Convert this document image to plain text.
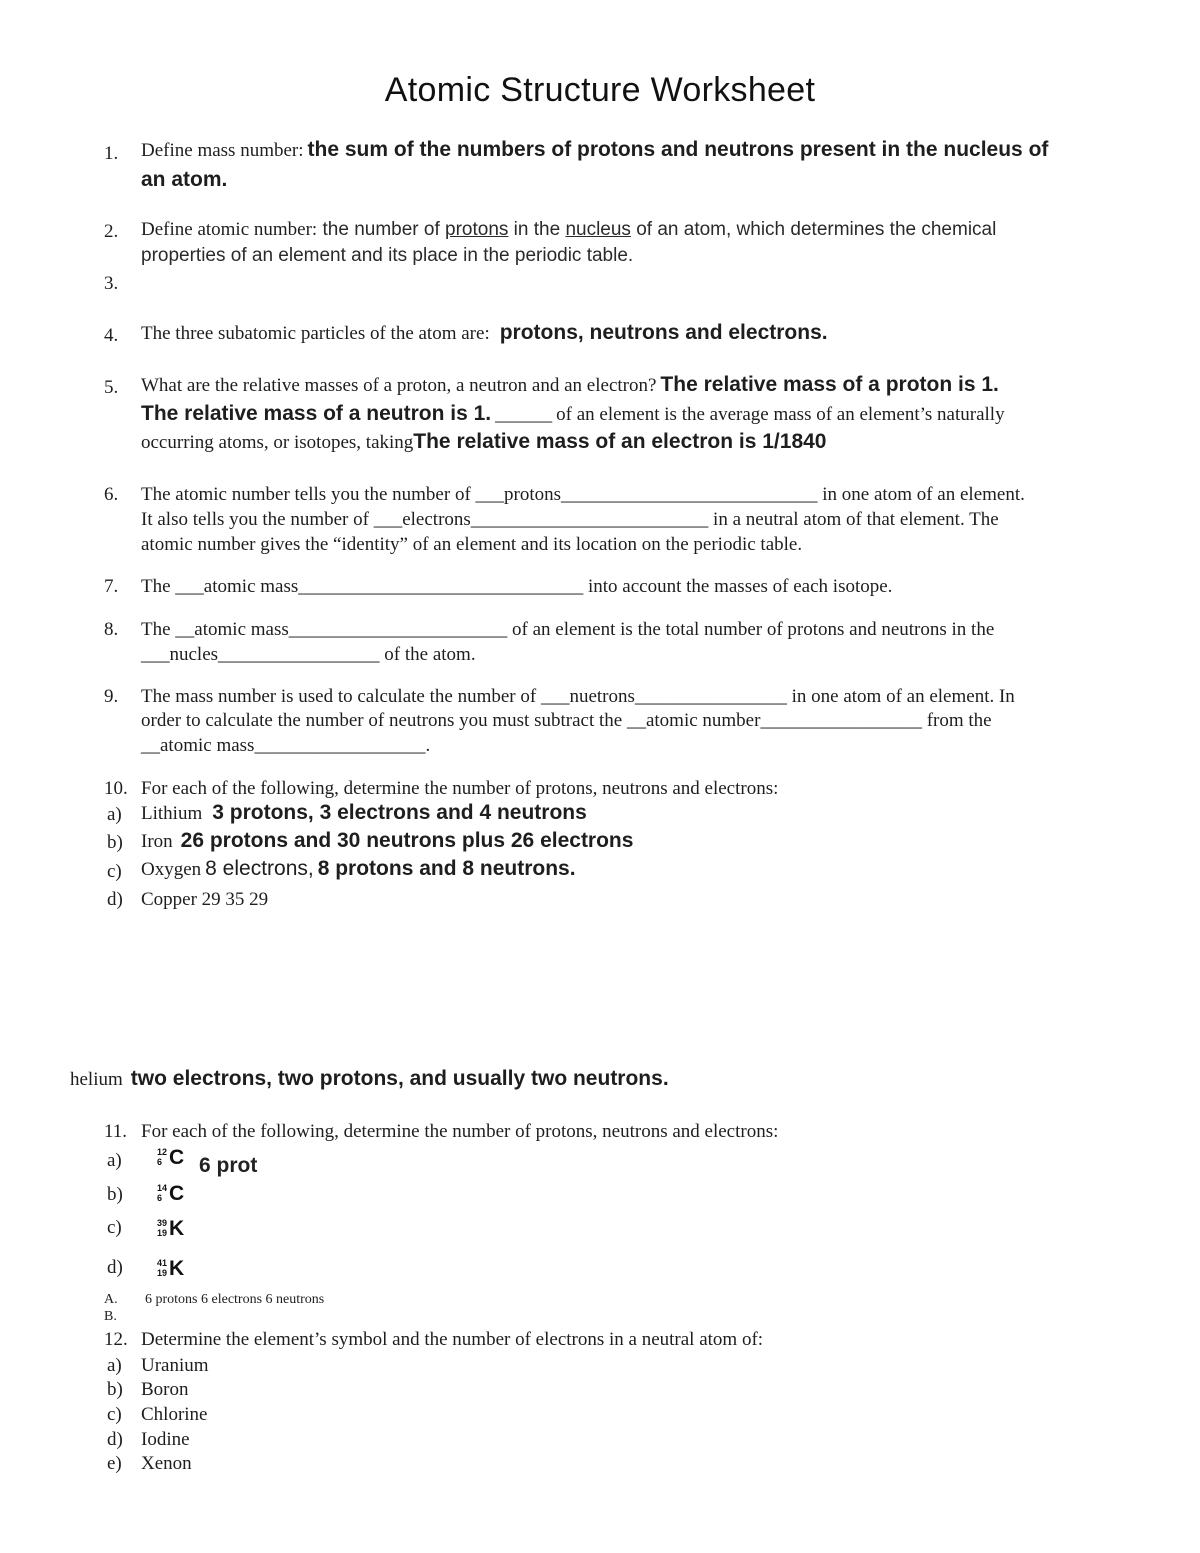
Atomic Structure Worksheet
1. Define mass number: the sum of the numbers of protons and neutrons present in the nucleus of
an atom.
2. Define atomic number: the number of protons in the nucleus of an atom, which determines the chemical
properties of an element and its place in the periodic table.
3.
4. The three subatomic particles of the atom are: protons, neutrons and electrons.
5. What are the relative masses of a proton, a neutron and an electron? The relative mass of a proton is 1.
The relative mass of a neutron is 1. ______ of an element is the average mass of an element’s naturally
occurring atoms, or isotopes, takingThe relative mass of an electron is 1/1840
6. The atomic number tells you the number of ___protons___________________________ in one atom of an element.
It also tells you the number of ___electrons_________________________ in a neutral atom of that element. The
atomic number gives the “identity” of an element and its location on the periodic table.
7. The ___atomic mass______________________________ into account the masses of each isotope.
8. The __atomic mass_______________________ of an element is the total number of protons and neutrons in the
___nucles_________________ of the atom.
9. The mass number is used to calculate the number of ___nuetrons________________ in one atom of an element. In
order to calculate the number of neutrons you must subtract the __atomic number_________________ from the
__atomic mass__________________.
10. For each of the following, determine the number of protons, neutrons and electrons:
a) Lithium 3 protons, 3 electrons and 4 neutrons
b) Iron 26 protons and 30 neutrons plus 26 electrons
c) Oxygen 8 electrons, 8 protons and 8 neutrons.
d) Copper 29 35 29
helium two electrons, two protons, and usually two neutrons.
11. For each of the following, determine the number of protons, neutrons and electrons:
a)	12
6 C 6 prot
b)	14
6 C
c)	39
19 K
d)	41
19 K
A. 6 protons 6 electrons 6 neutrons
B.
12. Determine the element’s symbol and the number of electrons in a neutral atom of:
a) Uranium
b) Boron
c) Chlorine
d) Iodine
e) Xenon
